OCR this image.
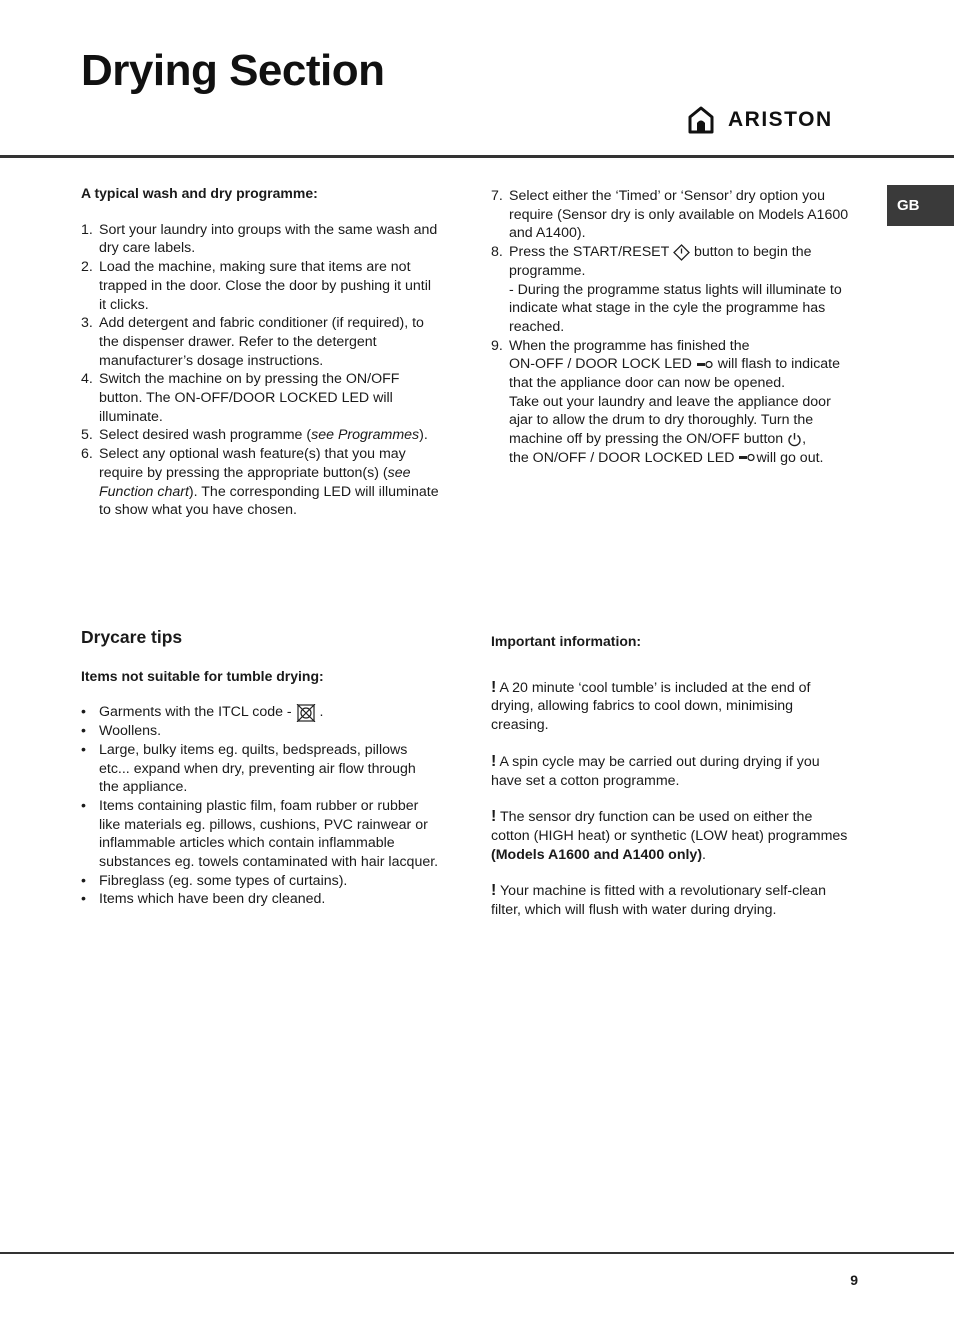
Drying Section
ARISTON
GB

A typical wash and dry programme:

1. Sort your laundry into groups with the same wash and dry care labels.
2. Load the machine, making sure that items are not trapped in the door. Close the door by pushing it until it clicks.
3. Add detergent and fabric conditioner (if required), to the dispenser drawer. Refer to the detergent manufacturer’s dosage instructions.
4. Switch the machine on by pressing the ON/OFF button. The ON-OFF/DOOR LOCKED LED will illuminate.
5. Select desired wash programme (see Programmes).
6. Select any optional wash feature(s) that you may require by pressing the appropriate button(s) (see Function chart). The corresponding LED will illuminate to show what you have chosen.
7. Select either the ‘Timed’ or ‘Sensor’ dry option you require (Sensor dry is only available on Models A1600 and A1400).
8. Press the START/RESET  button to begin the programme.
- During the programme status lights will illuminate to indicate what stage in the cyle the programme has reached.
9. When the programme has finished the
ON-OFF / DOOR LOCK LED  will flash to indicate that the appliance door can now be opened.
Take out your laundry and leave the appliance door ajar to allow the drum to dry thoroughly. Turn the machine off by pressing the ON/OFF button ,
the ON/OFF / DOOR LOCKED LED will go out.
Drycare tips

Items not suitable for tumble drying:

• Garments with the ITCL code -  .
• Woollens.
• Large, bulky items eg. quilts, bedspreads, pillows etc... expand when dry, preventing air flow through the appliance.
• Items containing plastic film, foam rubber or rubber like materials eg. pillows, cushions, PVC rainwear or inflammable articles which contain inflammable substances eg. towels contaminated with hair lacquer.
• Fibreglass (eg. some types of curtains).
• Items which have been dry cleaned.

Important information:

! A 20 minute ‘cool tumble’ is included at the end of drying, allowing fabrics to cool down, minimising creasing.

! A spin cycle may be carried out during drying if you have set a cotton programme.

! The sensor dry function can be used on either the cotton (HIGH heat) or synthetic (LOW heat) programmes (Models A1600 and A1400 only).

! Your machine is fitted with a revolutionary self-clean filter, which will flush with water during drying.

9
